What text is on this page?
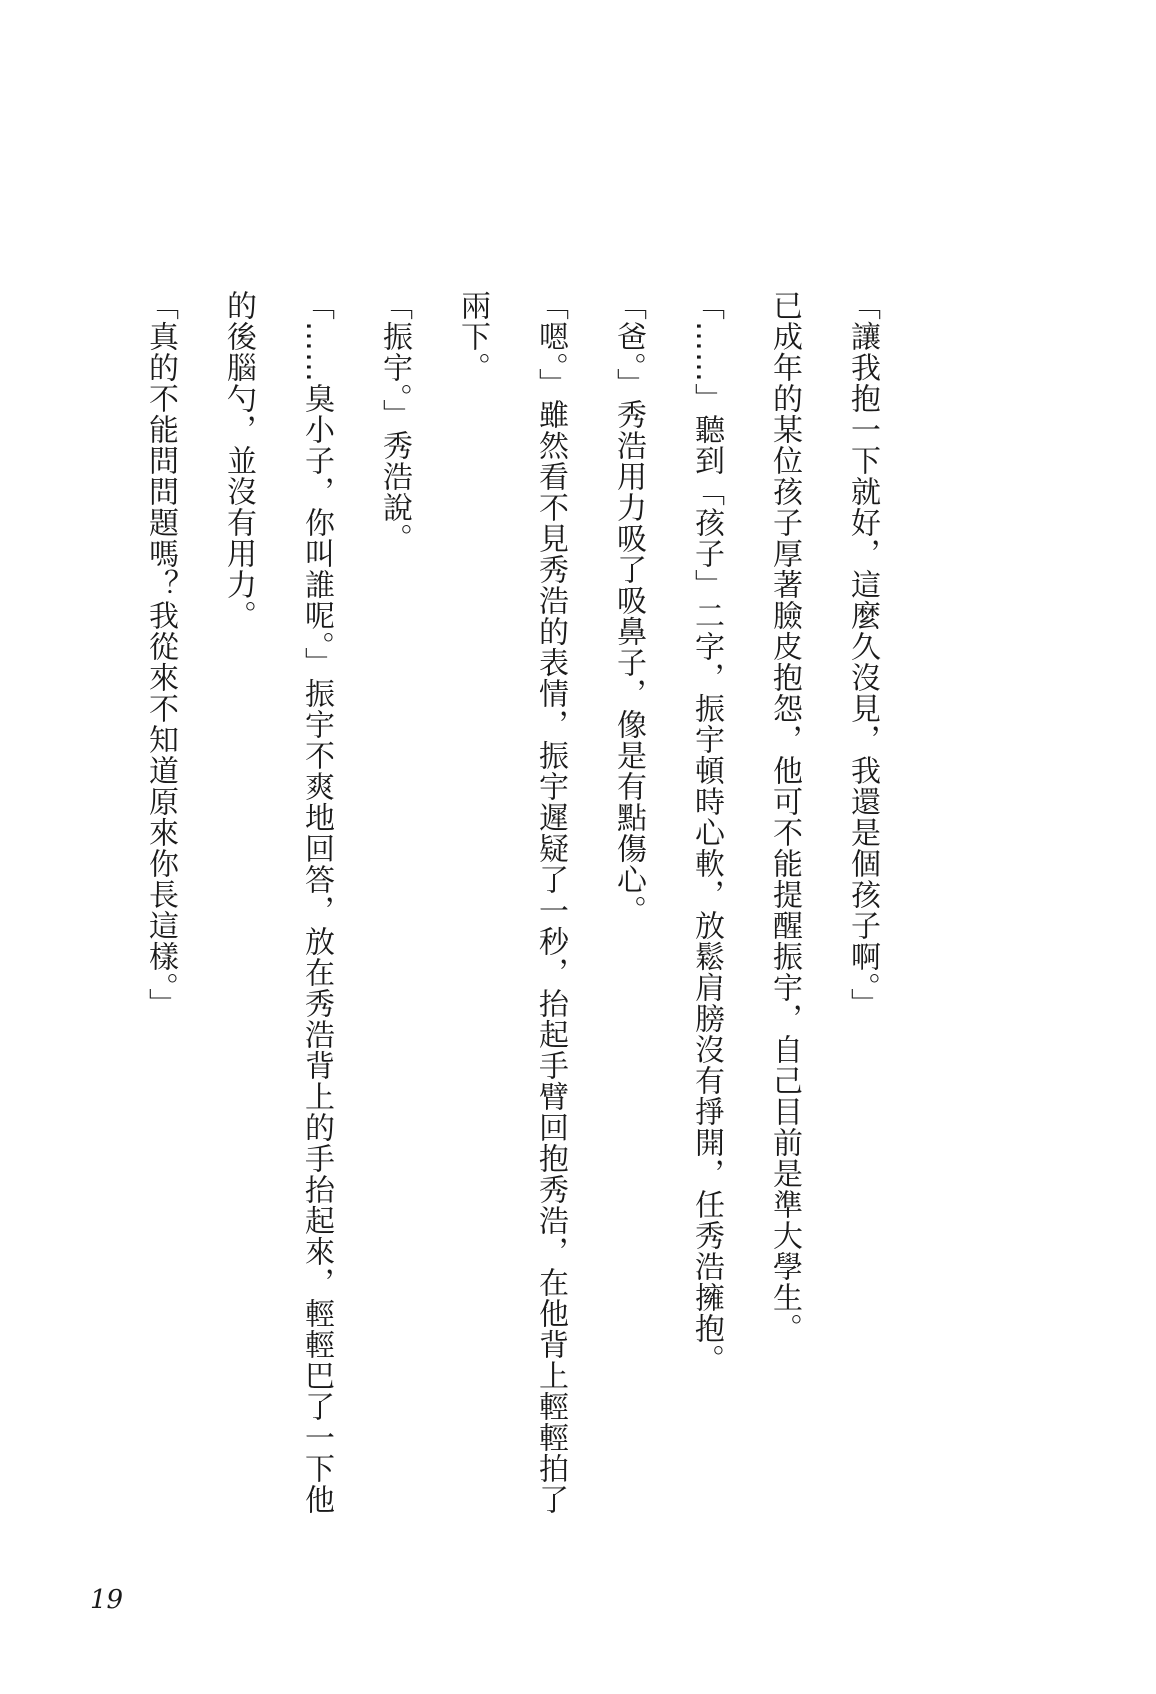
「讓我抱一下就好，這麼久沒見，我還是個孩子啊。」

已成年的某位孩子厚著臉皮抱怨，他可不能提醒振宇，自己目前是準大學生。

「……」聽到「孩子」二字，振宇頓時心軟，放鬆肩膀沒有掙開，任秀浩擁抱。

「爸。」秀浩用力吸了吸鼻子，像是有點傷心。

「嗯。」雖然看不見秀浩的表情，振宇遲疑了一秒，抬起手臂回抱秀浩，在他背上輕輕拍了兩下。

「振宇。」秀浩說。

「……臭小子，你叫誰呢。」振宇不爽地回答，放在秀浩背上的手抬起來，輕輕巴了一下他的後腦勺，並沒有用力。

「真的不能問問題嗎？我從來不知道原來你長這樣。」

19
